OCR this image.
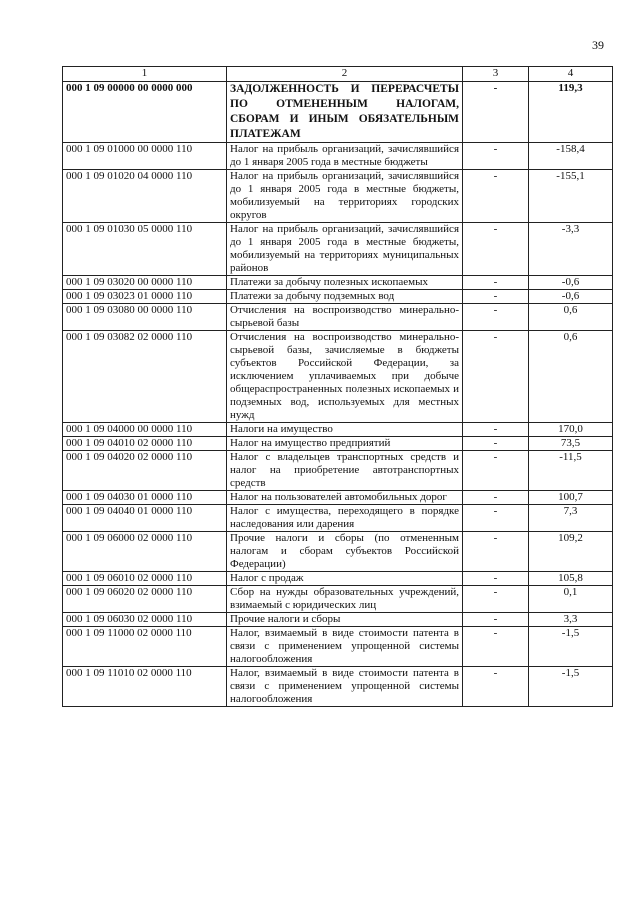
39
1	2	3	4
000 1 09 00000 00 0000 000	ЗАДОЛЖЕННОСТЬ И ПЕРЕРАСЧЕТЫ ПО ОТМЕНЕННЫМ НАЛОГАМ, СБОРАМ И ИНЫМ ОБЯЗАТЕЛЬНЫМ ПЛАТЕЖАМ	-	119,3
000 1 09 01000 00 0000 110	Налог на прибыль организаций, зачислявшийся до 1 января 2005 года в местные бюджеты	-	-158,4
000 1 09 01020 04 0000 110	Налог на прибыль организаций, зачислявшийся до 1 января 2005 года в местные бюджеты, мобилизуемый на территориях городских округов	-	-155,1
000 1 09 01030 05 0000 110	Налог на прибыль организаций, зачислявшийся до 1 января 2005 года в местные бюджеты, мобилизуемый на территориях муниципальных районов	-	-3,3
000 1 09 03020 00 0000 110	Платежи за добычу полезных ископаемых	-	-0,6
000 1 09 03023 01 0000 110	Платежи за добычу подземных вод	-	-0,6
000 1 09 03080 00 0000 110	Отчисления на воспроизводство минерально-сырьевой базы	-	0,6
000 1 09 03082 02 0000 110	Отчисления на воспроизводство минерально-сырьевой базы, зачисляемые в бюджеты субъектов Российской Федерации, за исключением уплачиваемых при добыче общераспространенных полезных ископаемых и подземных вод, используемых для местных нужд	-	0,6
000 1 09 04000 00 0000 110	Налоги на имущество	-	170,0
000 1 09 04010 02 0000 110	Налог на имущество предприятий	-	73,5
000 1 09 04020 02 0000 110	Налог с владельцев транспортных средств и налог на приобретение автотранспортных средств	-	-11,5
000 1 09 04030 01 0000 110	Налог на пользователей автомобильных дорог	-	100,7
000 1 09 04040 01 0000 110	Налог с имущества, переходящего в порядке наследования или дарения	-	7,3
000 1 09 06000 02 0000 110	Прочие налоги и сборы (по отмененным налогам и сборам субъектов Российской Федерации)	-	109,2
000 1 09 06010 02 0000 110	Налог с продаж	-	105,8
000 1 09 06020 02 0000 110	Сбор на нужды образовательных учреждений, взимаемый с юридических лиц	-	0,1
000 1 09 06030 02 0000 110	Прочие налоги и сборы	-	3,3
000 1 09 11000 02 0000 110	Налог, взимаемый в виде стоимости патента в связи с применением упрощенной системы налогообложения	-	-1,5
000 1 09 11010 02 0000 110	Налог, взимаемый в виде стоимости патента в связи с применением упрощенной системы налогообложения	-	-1,5
